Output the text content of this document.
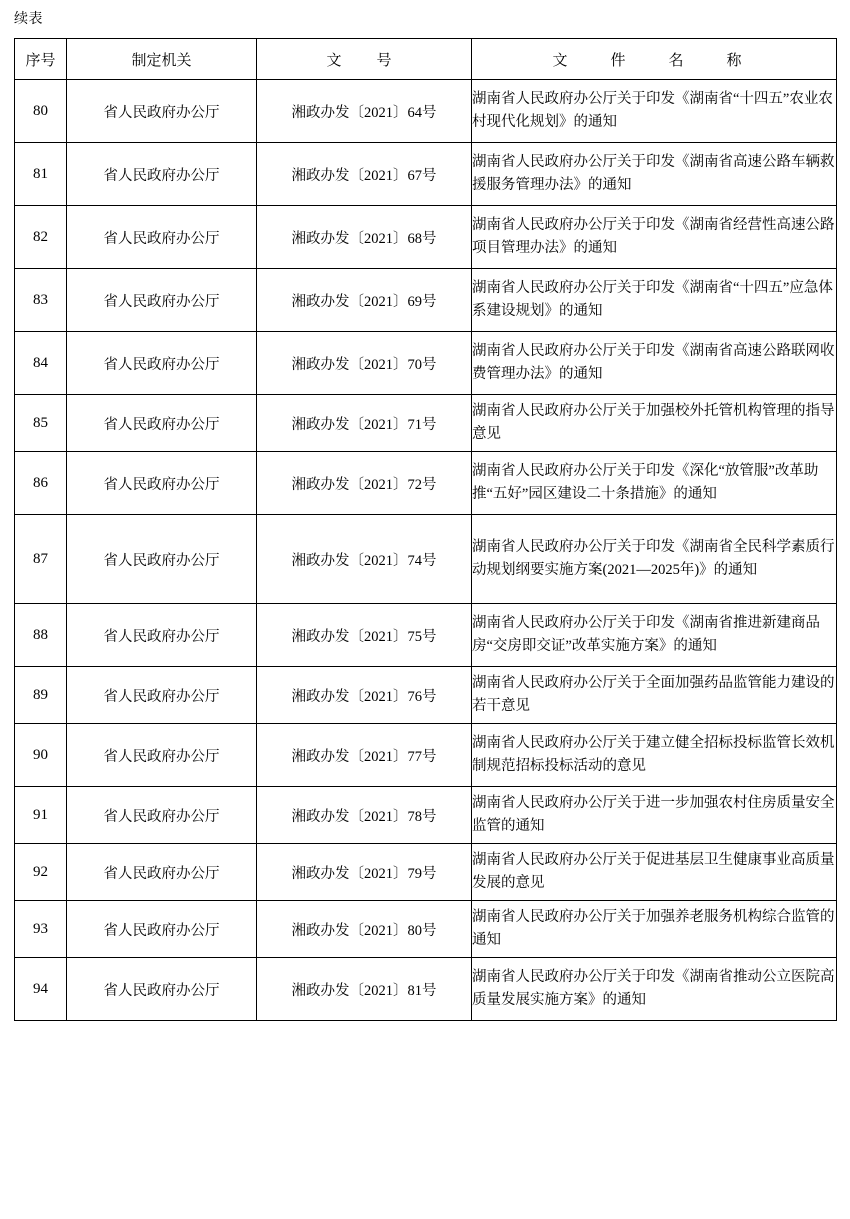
续表
序号	制定机关	文　号	文　件　名　称
80	省人民政府办公厅	湘政办发〔2021〕64号	湖南省人民政府办公厅关于印发《湖南省“十四五”农业农村现代化规划》的通知
81	省人民政府办公厅	湘政办发〔2021〕67号	湖南省人民政府办公厅关于印发《湖南省高速公路车辆救援服务管理办法》的通知
82	省人民政府办公厅	湘政办发〔2021〕68号	湖南省人民政府办公厅关于印发《湖南省经营性高速公路项目管理办法》的通知
83	省人民政府办公厅	湘政办发〔2021〕69号	湖南省人民政府办公厅关于印发《湖南省“十四五”应急体系建设规划》的通知
84	省人民政府办公厅	湘政办发〔2021〕70号	湖南省人民政府办公厅关于印发《湖南省高速公路联网收费管理办法》的通知
85	省人民政府办公厅	湘政办发〔2021〕71号	湖南省人民政府办公厅关于加强校外托管机构管理的指导意见
86	省人民政府办公厅	湘政办发〔2021〕72号	湖南省人民政府办公厅关于印发《深化“放管服”改革助推“五好”园区建设二十条措施》的通知
87	省人民政府办公厅	湘政办发〔2021〕74号	湖南省人民政府办公厅关于印发《湖南省全民科学素质行动规划纲要实施方案(2021—2025年)》的通知
88	省人民政府办公厅	湘政办发〔2021〕75号	湖南省人民政府办公厅关于印发《湖南省推进新建商品房“交房即交证”改革实施方案》的通知
89	省人民政府办公厅	湘政办发〔2021〕76号	湖南省人民政府办公厅关于全面加强药品监管能力建设的若干意见
90	省人民政府办公厅	湘政办发〔2021〕77号	湖南省人民政府办公厅关于建立健全招标投标监管长效机制规范招标投标活动的意见
91	省人民政府办公厅	湘政办发〔2021〕78号	湖南省人民政府办公厅关于进一步加强农村住房质量安全监管的通知
92	省人民政府办公厅	湘政办发〔2021〕79号	湖南省人民政府办公厅关于促进基层卫生健康事业高质量发展的意见
93	省人民政府办公厅	湘政办发〔2021〕80号	湖南省人民政府办公厅关于加强养老服务机构综合监管的通知
94	省人民政府办公厅	湘政办发〔2021〕81号	湖南省人民政府办公厅关于印发《湖南省推动公立医院高质量发展实施方案》的通知
